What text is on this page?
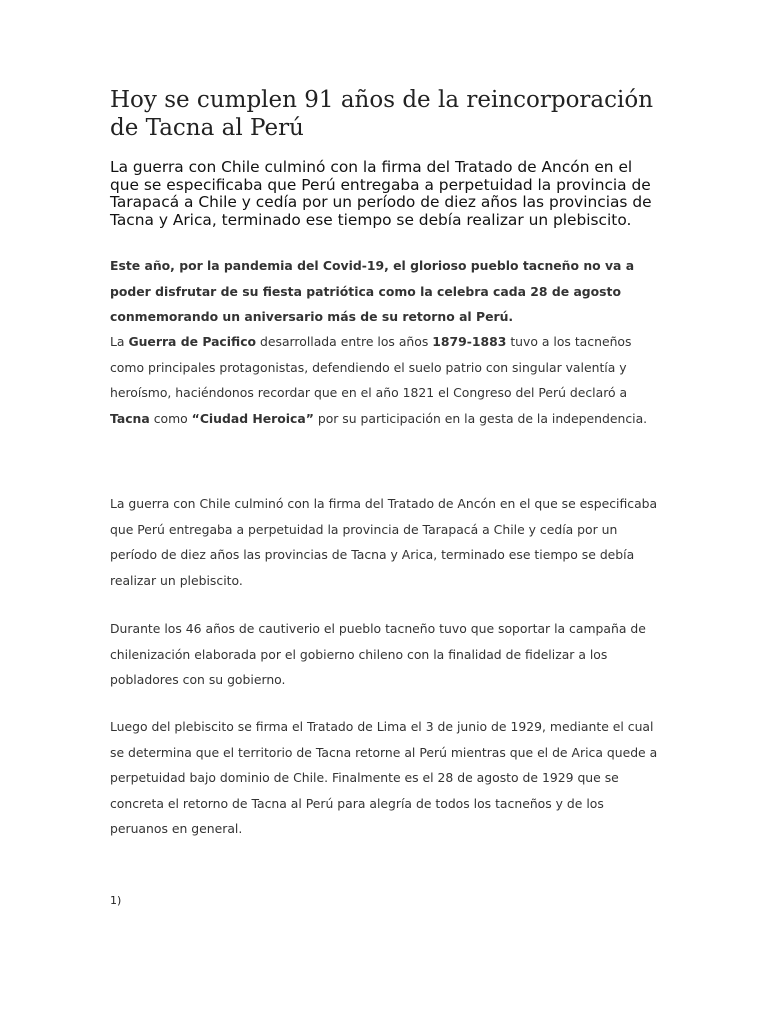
Hoy se cumplen 91 años de la reincorporación de Tacna al Perú

La guerra con Chile culminó con la firma del Tratado de Ancón en el que se especificaba que Perú entregaba a perpetuidad la provincia de Tarapacá a Chile y cedía por un período de diez años las provincias de Tacna y Arica, terminado ese tiempo se debía realizar un plebiscito.

Este año, por la pandemia del Covid-19, el glorioso pueblo tacneño no va a poder disfrutar de su fiesta patriótica como la celebra cada 28 de agosto conmemorando un aniversario más de su retorno al Perú.

La Guerra de Pacifico desarrollada entre los años 1879-1883 tuvo a los tacneños como principales protagonistas, defendiendo el suelo patrio con singular valentía y heroísmo, haciéndonos recordar que en el año 1821 el Congreso del Perú declaró a Tacna como “Ciudad Heroica” por su participación en la gesta de la independencia.

La guerra con Chile culminó con la firma del Tratado de Ancón en el que se especificaba que Perú entregaba a perpetuidad la provincia de Tarapacá a Chile y cedía por un período de diez años las provincias de Tacna y Arica, terminado ese tiempo se debía realizar un plebiscito.

Durante los 46 años de cautiverio el pueblo tacneño tuvo que soportar la campaña de chilenización elaborada por el gobierno chileno con la finalidad de fidelizar a los pobladores con su gobierno.

Luego del plebiscito se firma el Tratado de Lima el 3 de junio de 1929, mediante el cual se determina que el territorio de Tacna retorne al Perú mientras que el de Arica quede a perpetuidad bajo dominio de Chile. Finalmente es el 28 de agosto de 1929 que se concreta el retorno de Tacna al Perú para alegría de todos los tacneños y de los peruanos en general.

1)
